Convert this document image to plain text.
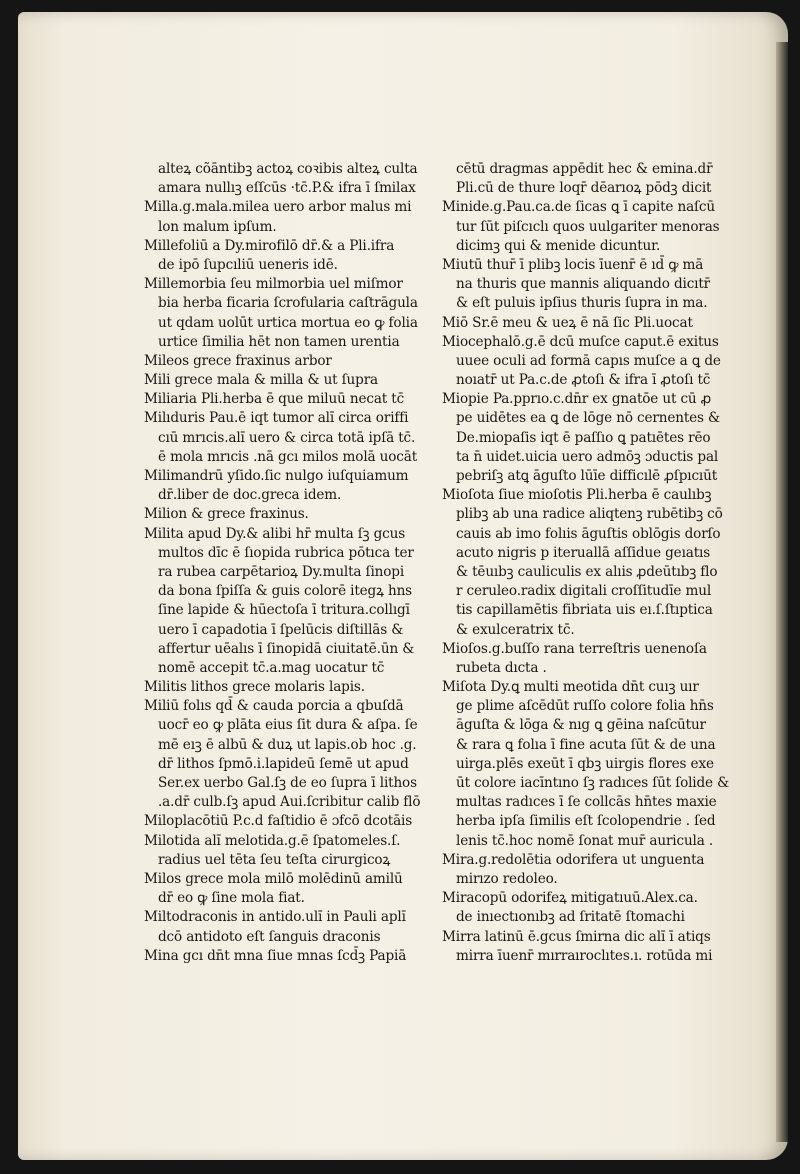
alteꝝ cõāntibꝫ actoꝝ coꝛibis alteꝝ culta
amara nullıꝫ eſſcūs ·tc̄.P.& ifra ī ſmilax
Milla.g.mala.milea uero arbor malus mi
lon malum ipſum.
Millefoliū a Dy.mirofilō dr̄.& a Pli.ifra
de ipō ſupcıliū ueneris idē.
Millemorbia ſeu milmorbia uel miſmor
bia herba ficaria ſcrofularia caſtrāgula
ut qdam uolūt urtica mortua eo ꝙ folia
urtice ſimilia hēt non tamen urentia
Mileos grece fraxinus arbor
Mili grece mala & milla & ut ſupra
Miliaria Pli.herba ē que miluū necat tc̄
Milıduris Pau.ē iqt tumor alı̄ circa oriffi
cıū mrıcis.alı̄ uero & circa totā ipſā tc̄.
ē mola mrıcis .nā gcı milos molā uocāt
Milimandrū yſido.ſic nulgo iuſquiamum
dr̄.liber de doc.greca idem.
Milion & grece fraxinus.
Milita apud Dy.& alibi hr̄ multa ſꝫ gcus
multos dīc ē ſıopida rubrica pōtıca ter
ra rubea carpētarioꝝ Dy.multa ſinopi
da bona ſpiſſa & guis colorē itegꝝ hns
ſine lapide & hūectoſa ī tritura.collıgī
uero ī capadotia ī ſpelūcis diſtillās &
affertur uēalıs ī ſinopidā ciuitatē.ūn &
nomē accepit tc̄.a.mag uocatur tc̄
Militis lithos grece molaris lapis.
Miliū folıs qd̄ & cauda porcia a qbuſdā
uocr̄ eo ꝙ plāta eius ſit dura & aſpa. ſe
mē eıꝫ ē albū & duꝝ ut lapis.ob hoc .g.
dr̄ lithos ſpmō.i.lapideū ſemē ut apud
Ser.ex uerbo Gal.ſꝫ de eo ſupra ī lithos
.a.dr̄ culb.ſꝫ apud Aui.ſcribitur calib flō
Miloplacōtiū P.c.d faſtidio ē ɔfcō dcotāis
Milotida alı̄ melotida.g.ē ſpatomeles.ſ.
radius uel tēta ſeu teſta cirurgicoꝝ
Milos grece mola milō molēdinū amilū
dr̄ eo ꝙ ſine mola fiat.
Miltodraconis in antido.ulı̄ in Pauli aplı̄
dcō antidoto eſt ſanguis draconis
Mina gcı dn̄t mna ſiue mnas ſcd̄ꝫ Papiā
cētū dragmas appēdit hec & emina.dr̄
Pli.cū de thure loqr̄ dēarıoꝝ pōdꝫ dicit
Minide.g.Pau.ca.de ſicas ꝗ ī capite naſcū
tur ſūt piſcıclı quos uulgariter menoras
dicimꝫ qui & menide dicuntur.
Miutū thur̄ ī plibꝫ locis īuenr̄ ē ıd̄ ꝙ mā
na thuris que mannis aliquando dicıtr̄
& eſt puluis ipſius thuris ſupra in ma.
Miō Sr.ē meu & ueꝝ ē nā ſic Pli.uocat
Miocephalō.g.ē dcū muſce caput.ē exitus
uuee oculi ad formā capıs muſce a ꝗ de
noıatr̄ ut Pa.c.de ꝓtoſı & ifra ī ꝓtoſı tc̄
Miopie Pa.pprıo.c.dn̄r ex gnatōe ut cū ꝓ
pe uidētes ea ꝗ de lōge nō cernentes &
De.miopaſis iqt ē paſſıo ꝗ patıētes rēo
ta n̄ uidet.uicia uero admōꝫ ɔductis pal
pebriſꝫ atꝗ āguſto lūīe difficılē ꝓſpıcıūt
Mioſota ſiue mioſotis Pli.herba ē caulıbꝫ
plibꝫ ab una radice aliqtenꝫ rubētibꝫ cō
cauis ab imo folıis āguſtis oblōgis dorſo
acuto nigris p iteruallā aſſidue geıatıs
& tēuıbꝫ cauliculis ex alıis ꝓdeūtıbꝫ flo
r ceruleo.radix digitali croſſitudīe mul
tis capillamētis fibriata uis eı.ſ.ſtıptica
& exulceratrix tc̄.
Mioſos.g.buſſo rana terreſtris uenenoſa
rubeta dıcta .
Miſota Dy.ꝗ multi meotida dn̄t cuıꝫ uır
ge plime aſcēdūt ruſſo colore folia hn̄s
āguſta & lōga & nıg ꝗ gēina naſcūtur
& rara ꝗ folıa ī fine acuta ſūt & de una
uirga.plēs exeūt ī qbꝫ uirgis flores exe
ūt colore iacīntıno ſꝫ radıces ſūt ſolide &
multas radıces ī ſe collcās hn̄tes maxie
herba ipſa ſimilis eſt ſcolopendrie . ſed
lenis tc̄.hoc nomē ſonat mur̄ auricula .
Mira.g.redolētia odorifera ut unguenta
mirızo redoleo.
Miracopū odorifeꝝ mitigatıuū.Alex.ca.
de inıectıonıbꝫ ad ſritatē ſtomachi
Mirra latinū ē.gcus ſmirna dic alı̄ ī atiqs
mirra īuenr̄ mırraıroclıtes.ı. rotūda mi
